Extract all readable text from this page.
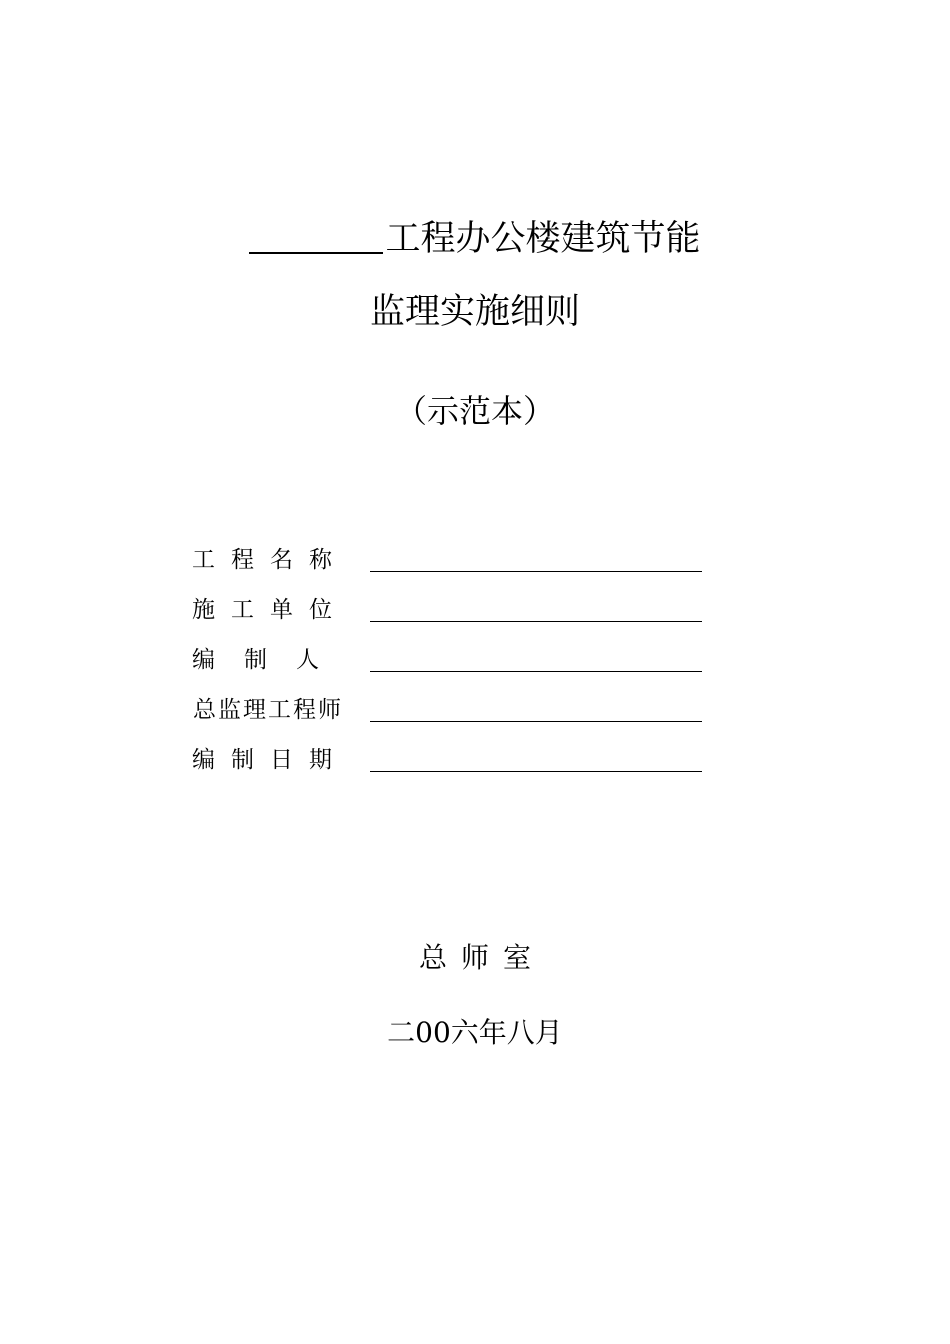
工程办公楼建筑节能
监理实施细则
（示范本）
工 程 名 称
施 工 单 位
编 制 人
总监理工程师
编 制 日 期
总师室
二00六年八月
